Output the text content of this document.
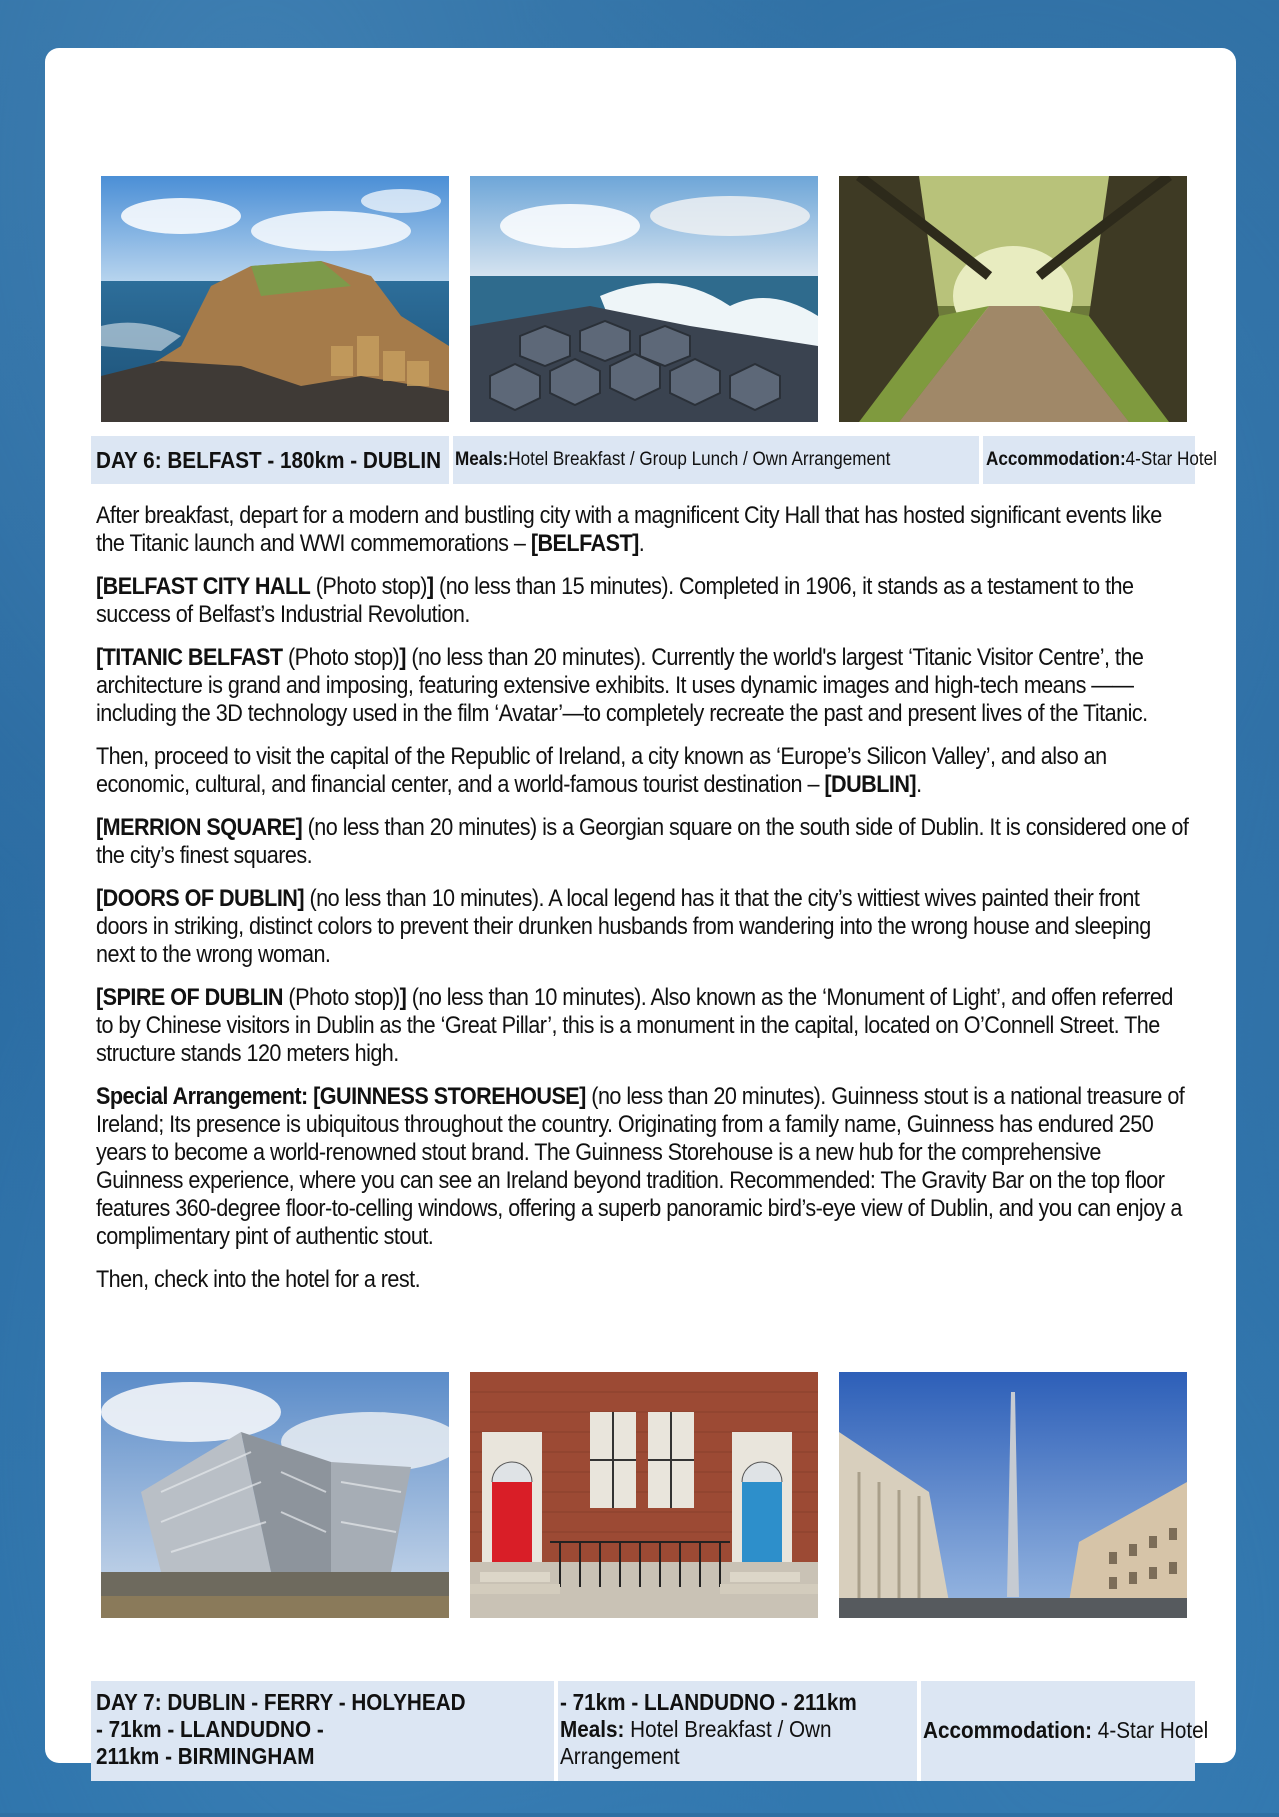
DAY 6: BELFAST - 180km - DUBLIN Meals: Hotel Breakfast / Group Lunch / Own Arrangement	Accommodation: 4-Star Hotel

After breakfast, depart for a modern and bustling city with a magnificent City Hall that has hosted significant events like the Titanic launch and WWI commemorations – [BELFAST].

[BELFAST CITY HALL (Photo stop)] (no less than 15 minutes). Completed in 1906, it stands as a testament to the success of Belfast’s Industrial Revolution.

[TITANIC BELFAST (Photo stop)] (no less than 20 minutes). Currently the world's largest ‘Titanic Visitor Centre’, the architecture is grand and imposing, featuring extensive exhibits. It uses dynamic images and high-tech means —— including the 3D technology used in the film ‘Avatar’—to completely recreate the past and present lives of the Titanic.

Then, proceed to visit the capital of the Republic of Ireland, a city known as ‘Europe’s Silicon Valley’, and also an economic, cultural, and financial center, and a world-famous tourist destination – [DUBLIN].

[MERRION SQUARE] (no less than 20 minutes) is a Georgian square on the south side of Dublin. It is considered one of the city’s finest squares.

[DOORS OF DUBLIN] (no less than 10 minutes). A local legend has it that the city’s wittiest wives painted their front doors in striking, distinct colors to prevent their drunken husbands from wandering into the wrong house and sleeping next to the wrong woman.

[SPIRE OF DUBLIN (Photo stop)] (no less than 10 minutes). Also known as the ‘Monument of Light’, and offen referred to by Chinese visitors in Dublin as the ‘Great Pillar’, this is a monument in the capital, located on O’Connell Street. The structure stands 120 meters high.

Special Arrangement: [GUINNESS STOREHOUSE] (no less than 20 minutes). Guinness stout is a national treasure of Ireland; Its presence is ubiquitous throughout the country. Originating from a family name, Guinness has endured 250 years to become a world-renowned stout brand. The Guinness Storehouse is a new hub for the comprehensive Guinness experience, where you can see an Ireland beyond tradition. Recommended: The Gravity Bar on the top floor features 360-degree floor-to-celling windows, offering a superb panoramic bird’s-eye view of Dublin, and you can enjoy a complimentary pint of authentic stout.

Then, check into the hotel for a rest.

DAY 7: DUBLIN - FERRY - HOLYHEAD
- 71km - LLANDUDNO -
211km - BIRMINGHAM
- 71km - LLANDUDNO - 211km
Meals: Hotel Breakfast / Own
Arrangement
Accommodation: 4-Star Hotel
